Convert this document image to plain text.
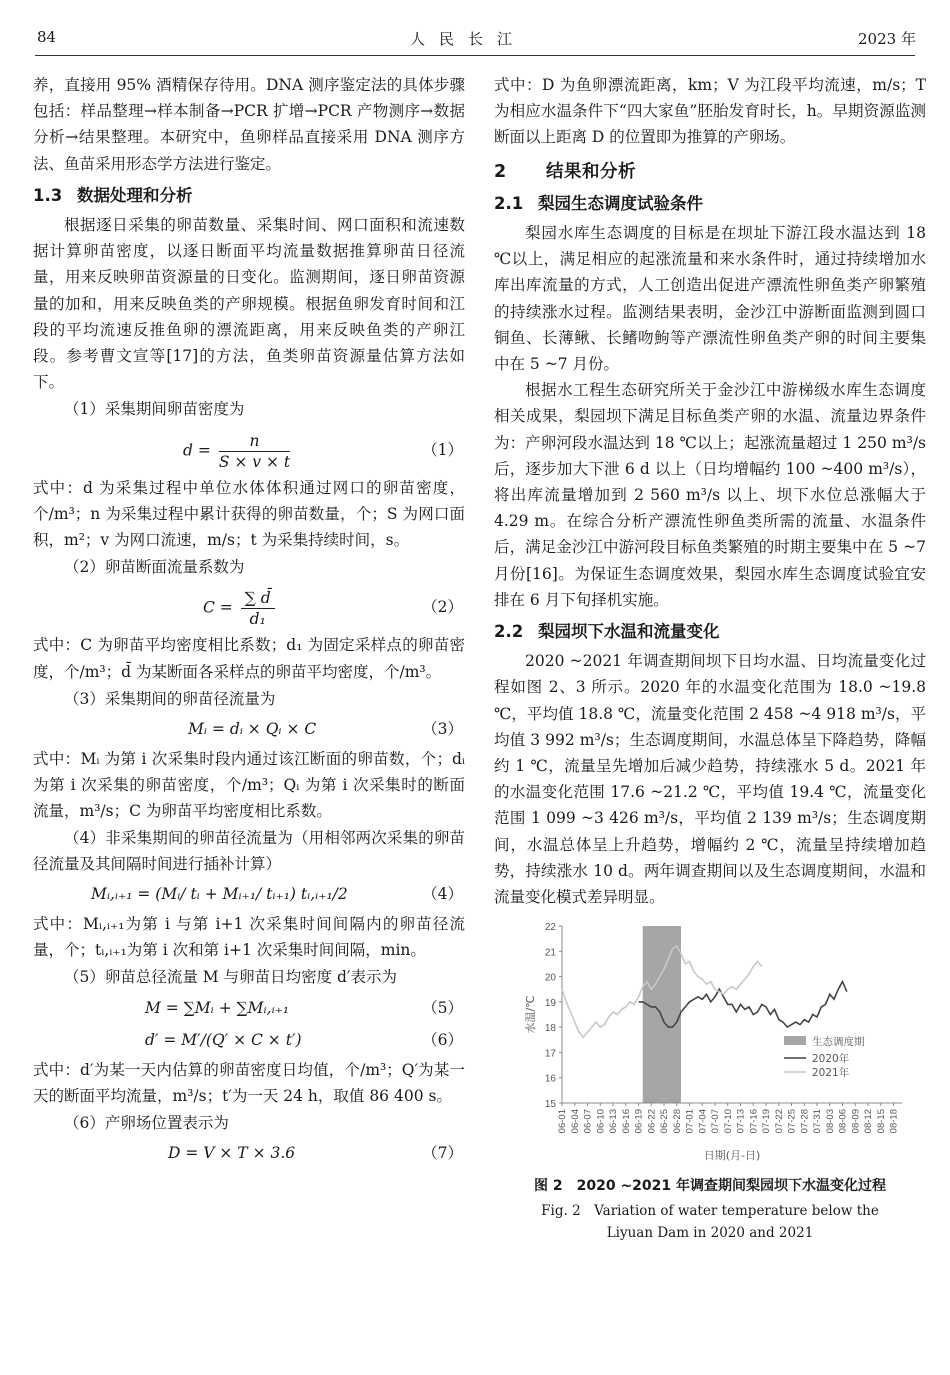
84	人民长江	2023 年

养，直接用 95% 酒精保存待用。DNA 测序鉴定法的具体步骤包括：样品整理→样本制备→PCR 扩增→PCR 产物测序→数据分析→结果整理。本研究中，鱼卵样品直接采用 DNA 测序方法、鱼苗采用形态学方法进行鉴定。

1.3 数据处理和分析

根据逐日采集的卵苗数量、采集时间、网口面积和流速数据计算卵苗密度，以逐日断面平均流量数据推算卵苗日径流量，用来反映卵苗资源量的日变化。监测期间，逐日卵苗资源量的加和，用来反映鱼类的产卵规模。根据鱼卵发育时间和江段的平均流速反推鱼卵的漂流距离，用来反映鱼类的产卵江段。参考曹文宣等[17]的方法，鱼类卵苗资源量估算方法如下。

（1）采集期间卵苗密度为

$d = \frac{n}{S \times v \times t}$	（1）

式中：d 为采集过程中单位水体体积通过网口的卵苗密度，个/m³；n 为采集过程中累计获得的卵苗数量，个；S 为网口面积，m²；v 为网口流速，m/s；t 为采集持续时间，s。

（2）卵苗断面流量系数为

$C = \frac{\sum d̄}{\text{d₁}}$	（2）

式中：C 为卵苗平均密度相比系数；d₁ 为固定采样点的卵苗密度，个/m³；d̄ 为某断面各采样点的卵苗平均密度，个/m³。

（3）采集期间的卵苗径流量为

Mᵢ = dᵢ × Qᵢ × C	（3）

式中：Mᵢ 为第 i 次采集时段内通过该江断面的卵苗数，个；dᵢ 为第 i 次采集的卵苗密度，个/m³；Qᵢ 为第 i 次采集时的断面流量，m³/s；C 为卵苗平均密度相比系数。

（4）非采集期间的卵苗径流量为（用相邻两次采集的卵苗径流量及其间隔时间进行插补计算）

Mᵢ,ᵢ₊₁ = (Mᵢ/ tᵢ + Mᵢ₊₁/ tᵢ₊₁) tᵢ,ᵢ₊₁/2	（4）

式中：Mᵢ,ᵢ₊₁为第 i 与第 i+1 次采集时间间隔内的卵苗径流量，个；tᵢ,ᵢ₊₁为第 i 次和第 i+1 次采集时间间隔，min。

（5）卵苗总径流量 M 与卵苗日均密度 d′表示为

M = ∑Mᵢ + ∑Mᵢ,ᵢ₊₁	（5）
d′ = M′/(Q′ × C × t′)	（6）

式中：d′为某一天内估算的卵苗密度日均值，个/m³；Q′为某一天的断面平均流量，m³/s；t′为一天 24 h，取值 86 400 s。

（6）产卵场位置表示为

D = V × T × 3.6	（7）

式中：D 为鱼卵漂流距离，km；V 为江段平均流速，m/s；T 为相应水温条件下“四大家鱼”胚胎发育时长，h。早期资源监测断面以上距离 D 的位置即为推算的产卵场。

2 结果和分析
2.1 梨园生态调度试验条件

梨园水库生态调度的目标是在坝址下游江段水温达到 18 ℃以上，满足相应的起涨流量和来水条件时，通过持续增加水库出库流量的方式，人工创造出促进产漂流性卵鱼类产卵繁殖的持续涨水过程。监测结果表明，金沙江中游断面监测到圆口铜鱼、长薄鳅、长鳍吻鮈等产漂流性卵鱼类产卵的时间主要集中在 5 ~7 月份。

根据水工程生态研究所关于金沙江中游梯级水库生态调度相关成果，梨园坝下满足目标鱼类产卵的水温、流量边界条件为：产卵河段水温达到 18 ℃以上；起涨流量超过 1 250 m³/s 后，逐步加大下泄 6 d 以上（日均增幅约 100 ~400 m³/s），将出库流量增加到 2 560 m³/s 以上、坝下水位总涨幅大于 4.29 m。在综合分析产漂流性卵鱼类所需的流量、水温条件后，满足金沙江中游河段目标鱼类繁殖的时期主要集中在 5 ~7 月份[16]。为保证生态调度效果，梨园水库生态调度试验宜安排在 6 月下旬择机实施。

2.2 梨园坝下水温和流量变化

2020 ~2021 年调查期间坝下日均水温、日均流量变化过程如图 2、3 所示。2020 年的水温变化范围为 18.0 ~19.8 ℃，平均值 18.8 ℃，流量变化范围 2 458 ~4 918 m³/s，平均值 3 992 m³/s；生态调度期间，水温总体呈下降趋势，降幅约 1 ℃，流量呈先增加后减少趋势，持续涨水 5 d。2021 年的水温变化范围 17.6 ~21.2 ℃，平均值 19.4 ℃，流量变化范围 1 099 ~3 426 m³/s，平均值 2 139 m³/s；生态调度期间，水温总体呈上升趋势，增幅约 2 ℃，流量呈持续增加趋势，持续涨水 10 d。两年调查期间以及生态调度期间，水温和流量变化模式差异明显。

15
16
17
18
19
20
21
22
水温/℃
06-01 06-04 06-07 06-10 06-13 06-16 06-19 06-22 06-25 06-28 07-01 07-04 07-07 07-10 07-13 07-16 07-19 07-22 07-25 07-28 07-31 08-03 08-06 08-09 08-12 08-15 08-18
日期(月-日)
生态调度期
2020年
2021年
图 2　2020 ~2021 年调查期间梨园坝下水温变化过程
Fig. 2　Variation of water temperature below the
Liyuan Dam in 2020 and 2021
